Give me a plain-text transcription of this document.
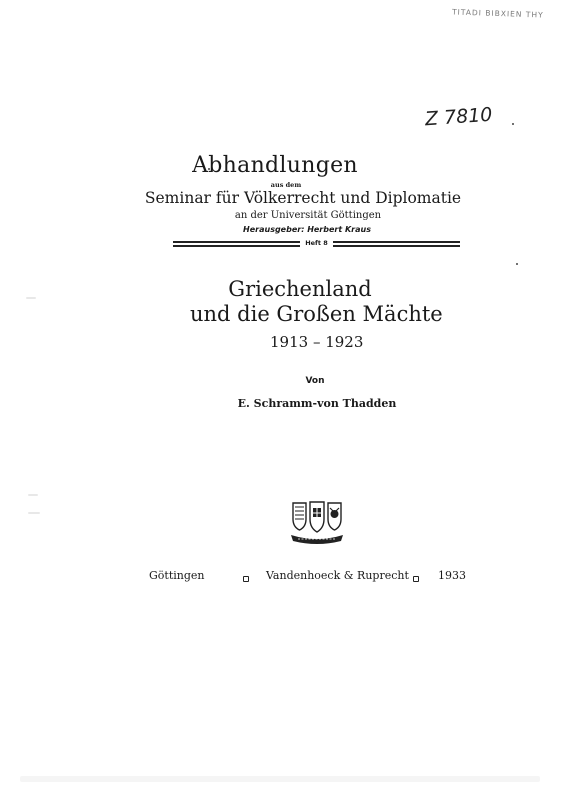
TITADI BIBXIEN THY
Z 7810
Abhandlungen
aus dem
Seminar für Völkerrecht und Diplomatie
an der Universität Göttingen
Herausgeber: Herbert Kraus
Heft 8
Griechenland
und die Großen Mächte
1913 – 1923
Von
E. Schramm-von Thadden
Göttingen	Vandenhoeck & Ruprecht	1933
